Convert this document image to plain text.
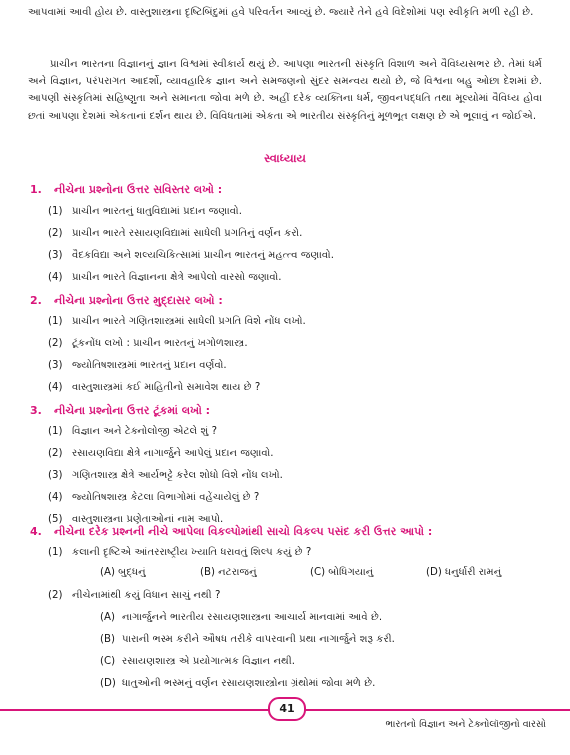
આપવામાં આવી હોય છે. વાસ્તુશાસ્ત્રના દૃષ્ટિબિંદુમાં હવે પરિવર્તન આવ્યું છે. જ્યારે તેને હવે વિદેશોમાં પણ સ્વીકૃતિ મળી રહી છે.
પ્રાચીન ભારતના વિજ્ઞાનનું જ્ઞાન વિશ્વમાં સ્વીકાર્ય થયું છે. આપણા ભારતની સંસ્કૃતિ વિશાળ અને વૈવિધ્યસભર છે. તેમાં ધર્મ અને વિજ્ઞાન, પરંપરાગત આદર્શો, વ્યાવહારિક જ્ઞાન અને સમજણનો સુંદર સમન્વય થયો છે, જે વિશ્વના બહુ ઓછા દેશમાં છે. આપણી સંસ્કૃતિમાં સહિષ્ણુતા અને સમાનતા જોવા મળે છે. અહીં દરેક વ્યક્તિના ધર્મ, જીવનપદ્ધતિ તથા મૂલ્યોમાં વૈવિધ્ય હોવા છતાં આપણા દેશમાં એકતાનાં દર્શન થાય છે. વિવિધતામાં એકતા એ ભારતીય સંસ્કૃતિનું મૂળભૂત લક્ષણ છે એ ભૂલાવું ન જોઈએ.
સ્વાધ્યાય
1. નીચેના પ્રશ્નોના ઉત્તર સવિસ્તર લખો :
(1) પ્રાચીન ભારતનું ધાતુવિદ્યામાં પ્રદાન જણાવો.
(2) પ્રાચીન ભારતે રસાયણવિદ્યામાં સાધેલી પ્રગતિનું વર્ણન કરો.
(3) વૈદકવિદ્યા અને શલ્યચિકિત્સામાં પ્રાચીન ભારતનું મહત્ત્વ જણાવો.
(4) પ્રાચીન ભારતે વિજ્ઞાનના ક્ષેત્રે આપેલો વારસો જણાવો.
2. નીચેના પ્રશ્નોના ઉત્તર મુદ્દાસર લખો :
(1) પ્રાચીન ભારતે ગણિતશાસ્ત્રમાં સાધેલી પ્રગતિ વિશે નોંધ લખો.
(2) ટૂંકનોંધ લખો : પ્રાચીન ભારતનું ખગોળશાસ્ત્ર.
(3) જ્યોતિષશાસ્ત્રમાં ભારતનું પ્રદાન વર્ણવો.
(4) વાસ્તુશાસ્ત્રમાં કઈ માહિતીનો સમાવેશ થાય છે ?
3. નીચેના પ્રશ્નોના ઉત્તર ટૂંકમાં લખો :
(1) વિજ્ઞાન અને ટેક્નોલોજી એટલે શું ?
(2) રસાયણવિદ્યા ક્ષેત્રે નાગાર્જુને આપેલું પ્રદાન જણાવો.
(3) ગણિતશાસ્ત્ર ક્ષેત્રે આર્યભટ્ટે કરેલ શોધો વિશે નોંધ લખો.
(4) જ્યોતિષશાસ્ત્ર કેટલા વિભાગોમાં વહેંચાયેલું છે ?
(5) વાસ્તુશાસ્ત્રના પ્રણેતાઓનાં નામ આપો.
4. નીચેના દરેક પ્રશ્નની નીચે આપેલા વિકલ્પોમાંથી સાચો વિકલ્પ પસંદ કરી ઉત્તર આપો :
(1) કલાની દૃષ્ટિએ આંતરરાષ્ટ્રીય ખ્યાતિ ધરાવતું શિલ્પ કયું છે ?
(A) બુદ્ધનું	(B) નટરાજનું	(C) બોધિગયાનું	(D) ધનુર્ધારી રામનું
(2) નીચેનામાંથી કયું વિધાન સાચું નથી ?
(A) નાગાર્જુનને ભારતીય રસાયણશાસ્ત્રના આચાર્ય માનવામાં આવે છે.
(B) પારાની ભસ્મ કરીને ઔષધ તરીકે વાપરવાની પ્રથા નાગાર્જુને શરૂ કરી.
(C) રસાયણશાસ્ત્ર એ પ્રયોગાત્મક વિજ્ઞાન નથી.
(D) ધાતુઓની ભસ્મનું વર્ણન રસાયણશાસ્ત્રોના ગ્રંથોમાં જોવા મળે છે.
41
ભારતનો વિજ્ઞાન અને ટેક્નોલૉજીનો વારસો
